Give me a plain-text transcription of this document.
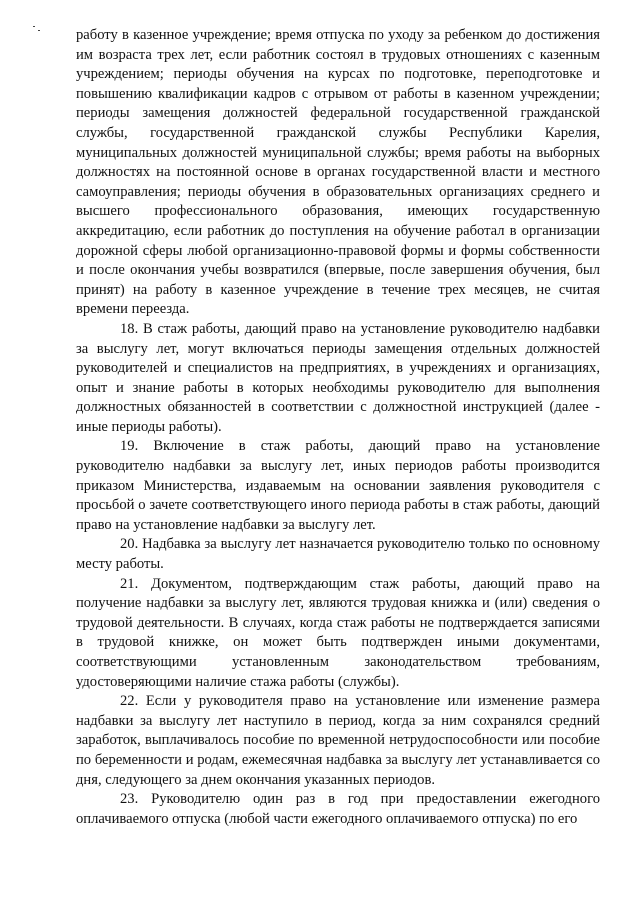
работу в казенное учреждение; время отпуска по уходу за ребенком до достижения им возраста трех лет, если работник состоял в трудовых отношениях с казенным учреждением; периоды обучения на курсах по подготовке, переподготовке и повышению квалификации кадров с отрывом от работы в казенном учреждении; периоды замещения должностей федеральной государственной гражданской службы, государственной гражданской службы Республики Карелия, муниципальных должностей муниципальной службы; время работы на выборных должностях на постоянной основе в органах государственной власти и местного самоуправления; периоды обучения в образовательных организациях среднего и высшего профессионального образования, имеющих государственную аккредитацию, если работник до поступления на обучение работал в организации дорожной сферы любой организационно-правовой формы и формы собственности и после окончания учебы возвратился (впервые, после завершения обучения, был принят) на работу в казенное учреждение в течение трех месяцев, не считая времени переезда.

18. В стаж работы, дающий право на установление руководителю надбавки за выслугу лет, могут включаться периоды замещения отдельных должностей руководителей и специалистов на предприятиях, в учреждениях и организациях, опыт и знание работы в которых необходимы руководителю для выполнения должностных обязанностей в соответствии с должностной инструкцией (далее - иные периоды работы).

19. Включение в стаж работы, дающий право на установление руководителю надбавки за выслугу лет, иных периодов работы производится приказом Министерства, издаваемым на основании заявления руководителя с просьбой о зачете соответствующего иного периода работы в стаж работы, дающий право на установление надбавки за выслугу лет.

20. Надбавка за выслугу лет назначается руководителю только по основному месту работы.

21. Документом, подтверждающим стаж работы, дающий право на получение надбавки за выслугу лет, являются трудовая книжка и (или) сведения о трудовой деятельности. В случаях, когда стаж работы не подтверждается записями в трудовой книжке, он может быть подтвержден иными документами, соответствующими установленным законодательством требованиям, удостоверяющими наличие стажа работы (службы).

22. Если у руководителя право на установление или изменение размера надбавки за выслугу лет наступило в период, когда за ним сохранялся средний заработок, выплачивалось пособие по временной нетрудоспособности или пособие по беременности и родам, ежемесячная надбавка за выслугу лет устанавливается со дня, следующего за днем окончания указанных периодов.

23. Руководителю один раз в год при предоставлении ежегодного оплачиваемого отпуска (любой части ежегодного оплачиваемого отпуска) по его
